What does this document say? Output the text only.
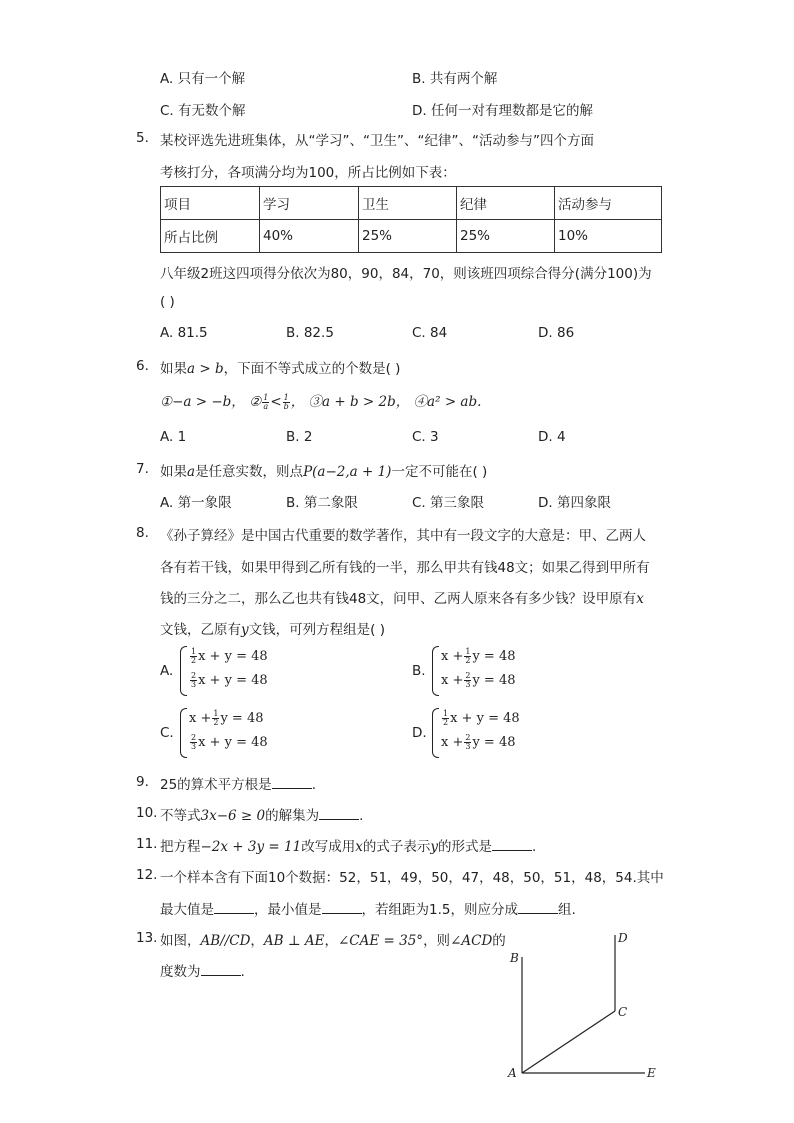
A. 只有一个解	B. 共有两个解
C. 有无数个解	D. 任何一对有理数都是它的解
5. 某校评选先进班集体，从“学习”、“卫生”、“纪律”、“活动参与”四个方面
考核打分，各项满分均为100，所占比例如下表：
项目	学习	卫生	纪律	活动参与
所占比例	40%	25%	25%	10%
八年级2班这四项得分依次为80，90，84，70，则该班四项综合得分(满分100)为
( )
A. 81.5	B. 82.5	C. 84	D. 86
6. 如果a > b，下面不等式成立的个数是( )
①−a > −b， ② $\frac{1}{a} < \frac{1}{b}$ ， ③a + b > 2b， ④a² > ab.
A. 1	B. 2	C. 3	D. 4
7. 如果a是任意实数，则点P(a−2,a + 1)一定不可能在( )
A. 第一象限	B. 第二象限	C. 第三象限	D. 第四象限
8. 《孙子算经》是中国古代重要的数学著作，其中有一段文字的大意是：甲、乙两人
各有若干钱，如果甲得到乙所有钱的一半，那么甲共有钱48文；如果乙得到甲所有
钱的三分之二，那么乙也共有钱48文，问甲、乙两人原来各有多少钱？设甲原有x
文钱，乙原有y文钱，可列方程组是( )
A.
$\frac{1}{2}$ x + y = 48
$\frac{2}{3}$ x + y = 48
B.
$x + \frac{1}{2}$ y = 48
$x + \frac{2}{3}$ y = 48
C.
$x + \frac{1}{2}$ y = 48
$\frac{2}{3}$ x + y = 48
D.
$\frac{1}{2}$ x + y = 48
$x + \frac{2}{3}$ y = 48
9. 25的算术平方根是	.
10. 不等式3x−6 ≥ 0的解集为	.
11. 把方程−2x + 3y = 11改写成用x的式子表示y的形式是	.
12. 一个样本含有下面10个数据：52，51，49，50，47，48，50，51，48，54.其中
最大值是	，最小值是	，若组距为1.5，则应分成	组.
13. 如图，AB//CD，AB ⊥ AE，∠CAE = 35°，则∠ACD的
度数为	.
A
B
C
D
E
